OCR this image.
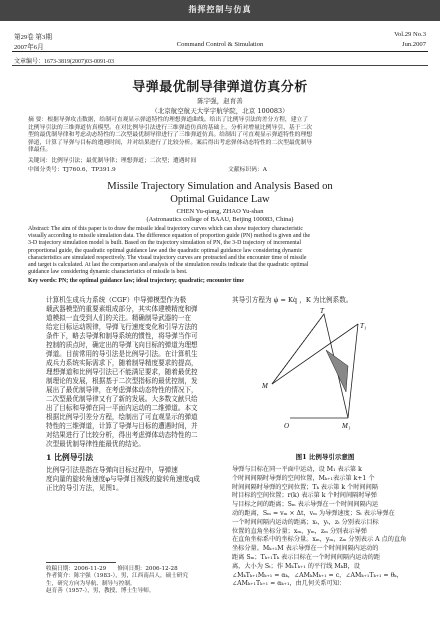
指挥控制与仿真
第29卷 第3期
2007年6月	Command Control & Simulation
Vol.29 No.3
Jun.2007
文章编号：1673-3819(2007)03-0091-03
导弹最优制导律弹道仿真分析
陈宇强，赵育善
（北京航空航天大学宇航学院，北京 100083）
摘 要：根据导弹攻击数据，给制可直观显示弹道特性的理想弹道曲线。给出了比例导引法的差分方程，建立了
比例导引法的三维弹道仿真模型。在对比例导引法进行三维弹道仿真的基础上，分析对增量比例导引、基于二次
型的最优制导律和考虑动态特性的二次型最优制导律进行了三维弹道仿真。给制出了可直观显示弹道特性的理想
弹道，计算了导弹与目标的遭遇时间，并对结果进行了比较分析。案后得出考虑弹体动态特性的二次型最优制导
律最佳。
关键词：比例导引法；最优制导律；理想弹道；二次型；遭遇时间
中图分类号：TJ760.6，TP391.9	文献标识码：A
Missile Trajectory Simulation and Analysis Based on
Optimal Guidance Law
CHEN Yu-qiang, ZHAO Yu-shan
(Astronautics college of BAAU, Beijing 100083, China)
Abstract: The aim of this paper is to draw the missile ideal trajectory curves which can show trajectory characteristic
visually according to missile simulation data. The difference equation of proportion guide (PN) method is given and the
3-D trajectory simulation model is built. Based on the trajectory simulation of PN, the 3-D trajectory of incremental
proportional guide, the quadratic optimal guidance law and the quadratic optimal guidance law considering dynamic
characteristics are simulated respectively. The visual trajectory curves are protracted and the encounter time of missile
and target is calculated. At last the comparison and analysis of the simulation results indicate that the quadratic optimal
guidance law considering dynamic characteristics of missile is best.
Key words: PN; the optimal guidance law; ideal trajectory; quadratic; encounter time
计算机生成兵力系统（CGF）中导弹模型作为极
载武器模型的重要素组成部分，其实体建模精度和弹
道模拟一直受到人们的关注。精确制导武器的一在
给定目标运动规律，导弹飞行速度变化和引导方法的
条件下，略去导弹和制导系统的惯性，将导弹当作可
控制的质点时，确定出的导弹飞向目标的弹道为理想
弹道。目前常用的导引法是比例导引法。在计算机生
成兵力系统实际需求下，随着制导精度要求的提高，
理想弹道和比例导引法已不能满足要求，随着最优控
制理论的发展，根据基于二次型指标的最优控制，发
展出了最优制导律，在考虑弹体动态特性的情况下，
二次型最优制导律又有了新的发展。大多数文献只给
出了目标和导弹在同一平面内运动的二维弹道。本文
根据比例导引差分方程，绘制出了可直观显示的弹道
特性的三维弹道，计算了导弹与目标的遭遇时间，并
对结果进行了比较分析，得出考虑弹体动态特性的二
次型最优制导律性能最优的结论。
1 比例导引法
比例导引法是指在导弹向目标过程中，导弹速
度向量的旋转角速度φ与导弹目视线的旋转角速度q成
正比的导引方法，见图1。
收稿日期：2006-11-29　　修回日期：2006-12-28
作者简介：陈宇强（1983-），男，江西南昌人，硕士研究
生，研究方向为导航、制导与控制。
赵育善（1957-），男，教授，博士生导师。
其导引方程为 φ̇ = Kq̇ ，K 为比例系数。
T
T₁
M
M₁
O
图1 比例导引示意图
导弹与目标在同一平面中运动，设 M₁ 表示第 k
个时间间隔时导弹的空间位置，Mₖ₊₁表示第 k+1 个
时间间隔时导弹的空间位置；Tₖ 表示第 k 个时间间隔
时目标的空间位置；r(k) 表示第 k 个时间间隔时导弹
与目标之间的距离；Sₘ 表示导弹在一个时间间隔内运
动的距离，Sₘ = vₘ × Δt，vₘ 为导弹速度；Sₜ 表示导弹在
一个时间间隔内运动的距离；xₜ，yₜ，zₜ 分别表示目标
位置的直角坐标分量；xₘ，yₘ，zₘ 分别表示导弹
在直角坐标系中的坐标分量。xₘ，yₘ，zₘ 分别表示 A 点的直角
坐标分量。Mₖ₊₁M 表示导弹在一个时间间隔内运动的
距离 Sₘ；Tₖ₊₁Tₖ 表示目标在一个时间间隔内运动的距
离，大小为 Sₜ；作 MₖTₖ₊₁ 的平行线 MₖB，设
∠MₖTₖ₊₁Mₖ₊₁ = αₖ，∠AMₖMₖ₊₁ = c，∠AMₖ₊₁Tₖ₊₁ = θₖ，
∠AMₖ₊₁Tₖ₊₁ = αₖ₊₁，由几何关系可知：
